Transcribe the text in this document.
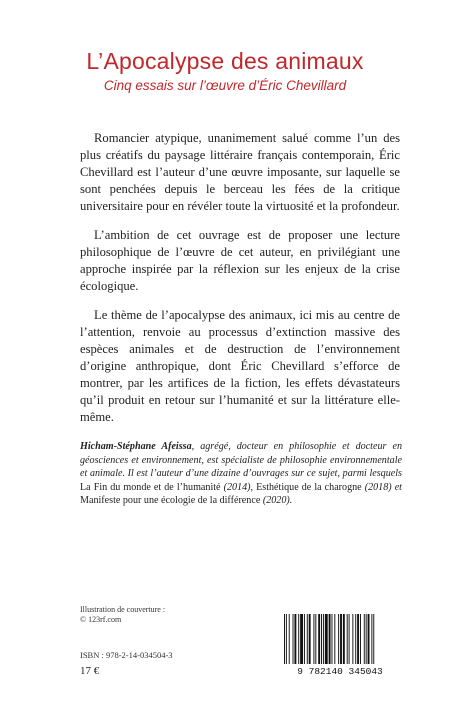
L’Apocalypse des animaux
Cinq essais sur l’œuvre d’Éric Chevillard

Romancier atypique, unanimement salué comme l’un des plus créatifs du paysage littéraire français contemporain, Éric Chevillard est l’auteur d’une œuvre imposante, sur laquelle se sont penchées depuis le berceau les fées de la critique universitaire pour en révéler toute la virtuosité et la profondeur.

L’ambition de cet ouvrage est de proposer une lecture philosophique de l’œuvre de cet auteur, en privilégiant une approche inspirée par la réflexion sur les enjeux de la crise écologique.

Le thème de l’apocalypse des animaux, ici mis au centre de l’attention, renvoie au processus d’extinction massive des espèces animales et de destruction de l’environnement d’origine anthropique, dont Éric Chevillard s’efforce de montrer, par les artifices de la fiction, les effets dévastateurs qu’il produit en retour sur l’humanité et sur la littérature elle-même.

Hicham-Stéphane Afeissa, agrégé, docteur en philosophie et docteur en géosciences et environnement, est spécialiste de philosophie environnementale et animale. Il est l’auteur d’une dizaine d’ouvrages sur ce sujet, parmi lesquels La Fin du monde et de l’humanité (2014), Esthétique de la charogne (2018) et Manifeste pour une écologie de la différence (2020).
Illustration de couverture :
© 123rf.com
ISBN : 978-2-14-034504-3
17 €	9 782140 345043
